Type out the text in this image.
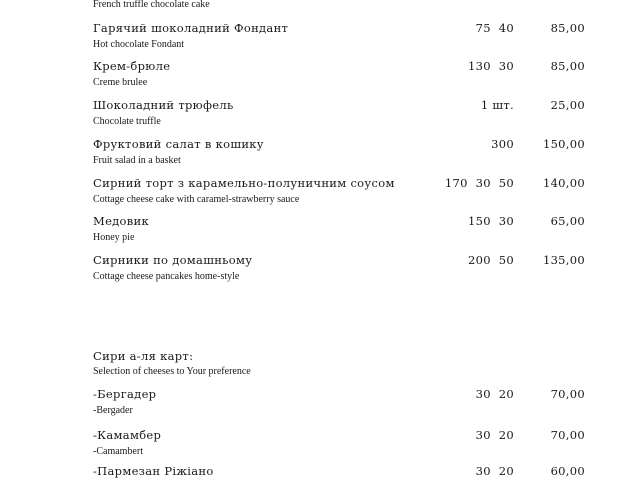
French truffle chocolate cake
Гарячий шоколадний Фондант
Hot chocolate Fondant
75  40	85,00
Крем-брюле
Creme brulee
130  30	85,00
Шоколадний трюфель
Chocolate truffle
1 шт.	25,00
Фруктовий салат в кошику
Fruit salad in a basket
300	150,00
Сирний торт з карамельно-полуничним соусом
Cottage cheese cake with caramel-strawberry sauce
170  30  50	140,00
Медовик
Honey pie
150  30	65,00
Сирники по домашньому
Cottage cheese pancakes home-style
200  50	135,00
Сири а-ля карт:
Selection of cheeses to Your preference
-Бергадер
-Bergader
30  20	70,00
-Камамбер
-Camambert
30  20	70,00
-Пармезан Ріжіано	30  20	60,00
